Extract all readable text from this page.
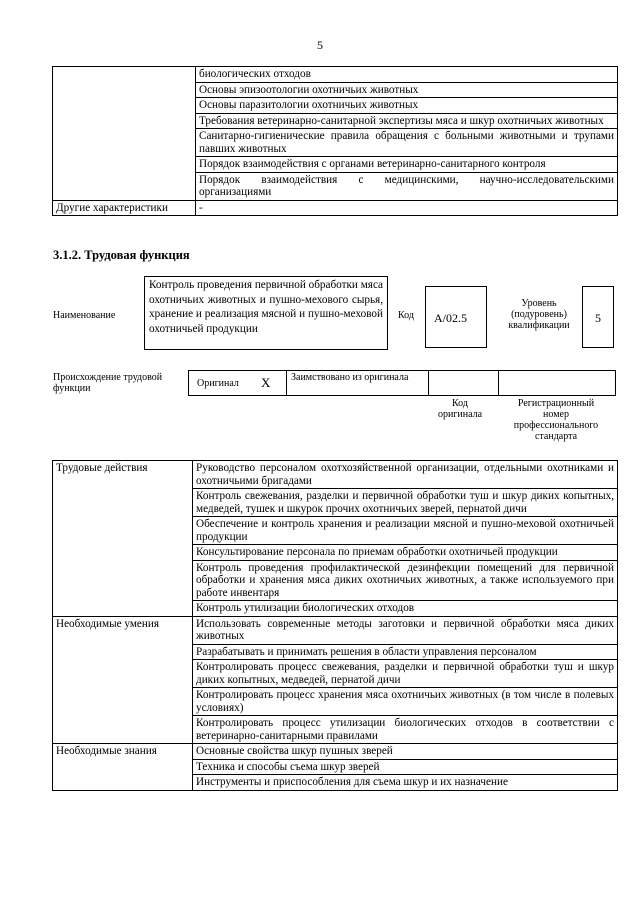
5
	биологических отходов
	Основы эпизоотологии охотничьих животных
	Основы паразитологии охотничьих животных
	Требования ветеринарно-санитарной экспертизы мяса и шкур охотничьих животных
	Санитарно-гигиенические правила обращения с больными животными и трупами павших животных
	Порядок взаимодействия с органами ветеринарно-санитарного контроля
	Порядок взаимодействия с медицинскими, научно-исследовательскими организациями
Другие характеристики	-
3.1.2. Трудовая функция
Наименование
Контроль проведения первичной обработки мяса охотничьих животных и пушно-мехового сырья, хранение и реализация мясной и пушно-меховой охотничьей продукции
Код	А/02.5
Уровень (подуровень) квалификации
5
Происхождение трудовой функции	Оригинал X Заимствовано из оригинала
Код оригинала
Регистрационный номер профессионального стандарта
Трудовые действия	Руководство персоналом охотхозяйственной организации, отдельными охотниками и охотничьими бригадами
	Контроль свежевания, разделки и первичной обработки туш и шкур диких копытных, медведей, тушек и шкурок прочих охотничьих зверей, пернатой дичи
	Обеспечение и контроль хранения и реализации мясной и пушно-меховой охотничьей продукции
	Консультирование персонала по приемам обработки охотничьей продукции
	Контроль проведения профилактической дезинфекции помещений для первичной обработки и хранения мяса диких охотничьих животных, а также используемого при работе инвентаря
	Контроль утилизации биологических отходов
Необходимые умения	Использовать современные методы заготовки и первичной обработки мяса диких животных
	Разрабатывать и принимать решения в области управления персоналом
	Контролировать процесс свежевания, разделки и первичной обработки туш и шкур диких копытных, медведей, пернатой дичи
	Контролировать процесс хранения мяса охотничьих животных (в том числе в полевых условиях)
	Контролировать процесс утилизации биологических отходов в соответствии с ветеринарно-санитарными правилами
Необходимые знания	Основные свойства шкур пушных зверей
	Техника и способы съема шкур зверей
	Инструменты и приспособления для съема шкур и их назначение
